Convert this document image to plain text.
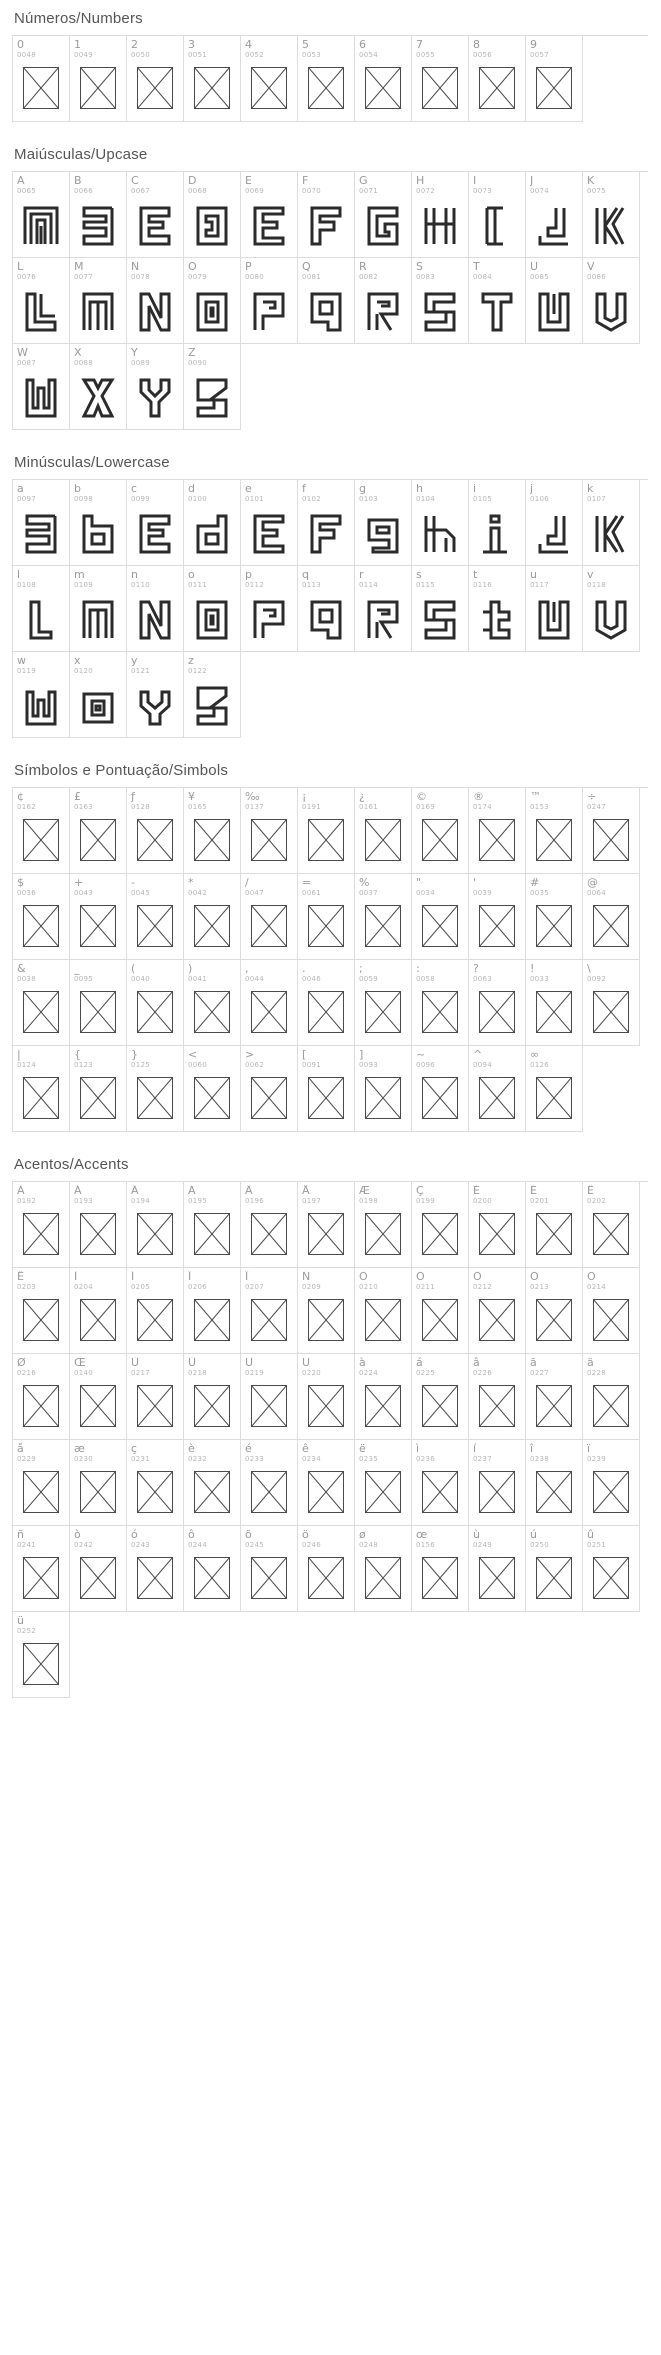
Números/Numbers
0
0048
1
0049
2
0050
3
0051
4
0052
5
0053
6
0054
7
0055
8
0056
9
0057
Maiúsculas/Upcase
A
0065
B
0066
C
0067
D
0068
E
0069
F
0070
G
0071
H
0072
I
0073
J
0074
K
0075
L
0076
M
0077
N
0078
O
0079
P
0080
Q
0081
R
0082
S
0083
T
0084
U
0085
V
0086
W
0087
X
0088
Y
0089
Z
0090
Minúsculas/Lowercase
a
0097
b
0098
c
0099
d
0100
e
0101
f
0102
g
0103
h
0104
i
0105
j
0106
k
0107
l
0108
m
0109
n
0110
o
0111
p
0112
q
0113
r
0114
s
0115
t
0116
u
0117
v
0118
w
0119
x
0120
y
0121
z
0122
Símbolos e Pontuação/Simbols
¢
0162
£
0163
ƒ
0128
¥
0165
‰
0137
¡
0191
¿
0161
©
0169
®
0174
™
0153
÷
0247
$
0036
+
0043
-
0045
*
0042
/
0047
=
0061
%
0037
"
0034
'
0039
#
0035
@
0064
&
0038
_
0095
(
0040
)
0041
,
0044
.
0046
;
0059
:
0058
?
0063
!
0033
\
0092
|
0124
{
0123
}
0125
<
0060
>
0062
[
0091
]
0093
~
0096
^
0094
∞
0126
Acentos/Accents
À
0192
Á
0193
Â
0194
Ã
0195
Ä
0196
Å
0197
Æ
0198
Ç
0199
È
0200
É
0201
Ê
0202
Ë
0203
Ì
0204
Í
0205
Î
0206
Ï
0207
Ñ
0209
Ò
0210
Ó
0211
Ô
0212
Õ
0213
Ö
0214
Ø
0216
Œ
0140
Ù
0217
Ú
0218
Û
0219
Ü
0220
à
0224
á
0225
â
0226
ã
0227
ä
0228
å
0229
æ
0230
ç
0231
è
0232
é
0233
ê
0234
ë
0235
ì
0236
í
0237
î
0238
ï
0239
ñ
0241
ò
0242
ó
0243
ô
0244
õ
0245
ö
0246
ø
0248
œ
0156
ù
0249
ú
0250
û
0251
ü
0252
